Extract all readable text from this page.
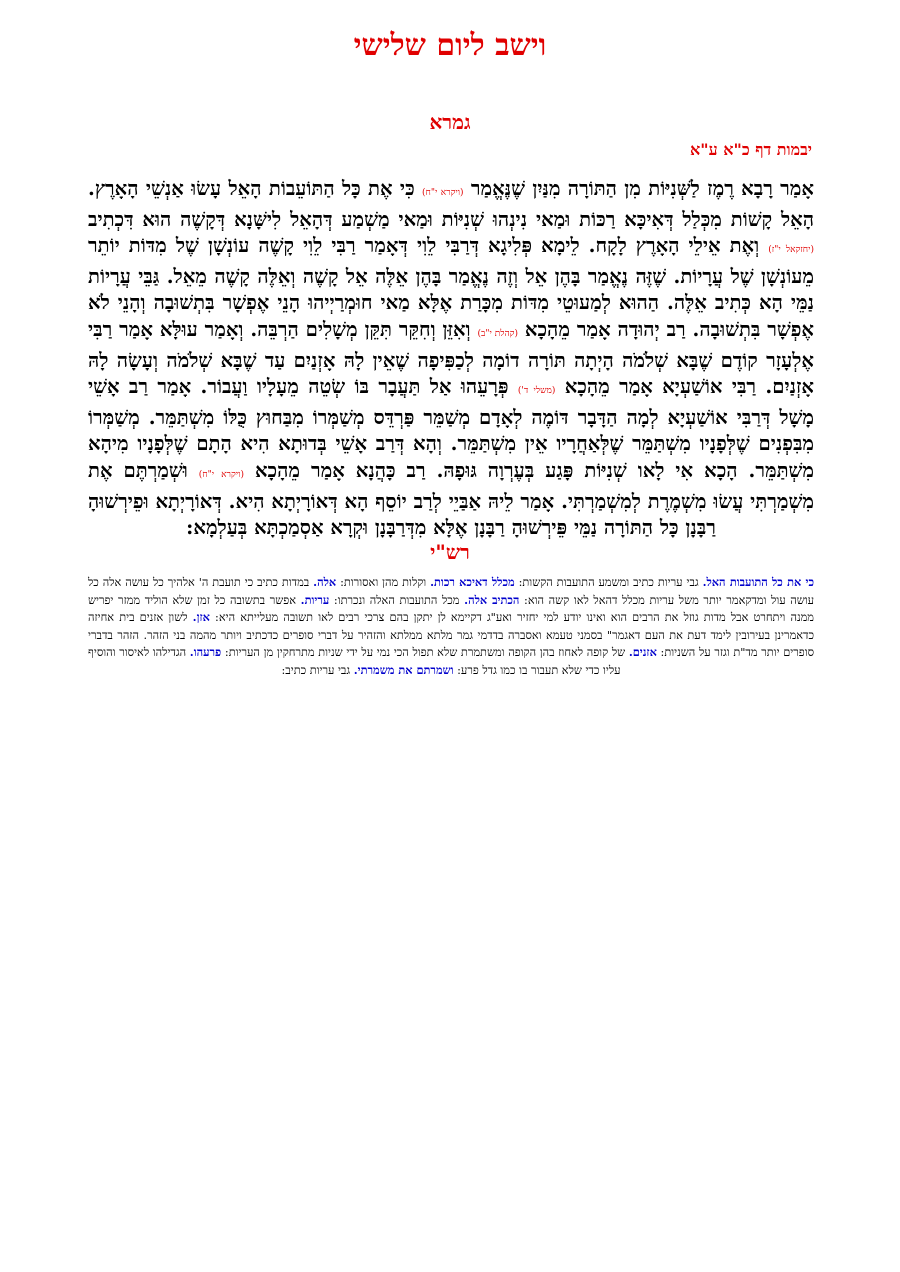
וישב ליום שלישי
גמרא
יבמות דף כ"א ע"א
אָמַר רָבָא רֶמֶז לַשְּׁנִיּוֹת מִן הַתּוֹרָה מִנַּיִן שֶׁנֶּאֱמַר (ויקרא י"ח) כִּי אֶת כָּל הַתּוֹעֵבוֹת הָאֵל עָשׂוּ אַנְשֵׁי הָאָרֶץ. הָאֵל קָשׁוֹת מִכְּלַל דְּאִיכָּא רַכּוֹת וּמַאי נִינְהוּ שְׁנִיּוֹת וּמַאי מַשְׁמַע דְּהָאֵל לִישָּׁנָא דְּקָשֶׁה הוּא דִּכְתִיב (יחזקאל י"ז) וְאֶת אֵילֵי הָאָרֶץ לָקָח. לֵימָא פְּלִיגָא דְּרַבִּי לֵוִי דְּאָמַר רַבִּי לֵוִי קָשֶׁה עוֹנְשָׁן שֶׁל מִדּוֹת יוֹתֵר מֵעוֹנְשָׁן שֶׁל עֲרָיוֹת. שֶׁזֶּה נֶאֱמַר בָּהֶן אֵל וְזֶה נֶאֱמַר בָּהֶן אֵלֶּה אֵל קָשֶׁה וְאֵלֶּה קָשֶׁה מֵאֵל. גַּבֵּי עֲרָיוֹת נַמֵּי הָא כְּתִיב אֵלֶּה. הַהוּא לְמַעוּטֵי מִדּוֹת מִכָּרַת אֶלָּא מַאי חוּמְרַיְיהוּ הָנֵי אֶפְשָׁר בִּתְשׁוּבָה וְהָנֵי לֹא אֶפְשָׁר בִּתְשׁוּבָה. רַב יְהוּדָה אָמַר מֵהָכָא (קהלת י"ב) וְאִזֵּן וְחִקֵּר תִּקֵּן מְשָׁלִים הַרְבֵּה. וְאָמַר עוּלָּא אָמַר רַבִּי אֶלְעָזָר קוֹדֶם שֶׁבָּא שְׁלֹמֹה הָיְתָה תּוֹרָה דוֹמָה לְכַפִּיפָה שֶׁאֵין לָהּ אָזְנַיִם עַד שֶׁבָּא שְׁלֹמֹה וְעָשָׂה לָהּ אָזְנַיִם. רַבִּי אוֹשַׁעְיָא אָמַר מֵהָכָא (משלי ד') פְּרָעֵהוּ אַל תַּעֲבָר בּוֹ שְׂטֵה מֵעָלָיו וַעֲבוֹר. אָמַר רַב אָשֵׁי מָשָׁל דְּרַבִּי אוֹשַׁעְיָא לְמָה הַדָּבָר דּוֹמֶה לְאָדָם מְשַׁמֵּר פַּרְדֵּס מְשַׁמְּרוֹ מִבַּחוּץ כֻּלּוֹ מִשְׁתַּמֵּר. מְשַׁמְּרוֹ מִבִּפְנִים שֶׁלְּפָנָיו מִשְׁתַּמֵּר שֶׁלְּאַחֲרָיו אֵין מִשְׁתַּמֵּר. וְהָא דְּרַב אָשֵׁי בְּדוּתָא הִיא הָתָם שֶׁלְּפָנָיו מִיהָא מִשְׁתַּמֵּר. הָכָא אִי לָאו שְׁנִיּוֹת פָּגַע בְּעֶרְוָה גּוּפָהּ. רַב כָּהֲנָא אָמַר מֵהָכָא (ויקרא י"ח) וּשְׁמַרְתֶּם אֶת מִשְׁמַרְתִּי עֲשׂוּ מִשְׁמֶרֶת לְמִשְׁמַרְתִּי. אָמַר לֵיהּ אַבַּיֵי לְרַב יוֹסֵף הָא דְּאוֹרָיְתָא הִיא. דְּאוֹרָיְתָא וּפֵירְשׁוּהָ רַבָּנָן כָּל הַתּוֹרָה נַמֵּי פֵּירְשׁוּהָ רַבָּנָן אֶלָּא מִדְּרַבָּנָן וּקְרָא אַסְמַכְתָּא בְּעַלְמָא:
רש"י
כי את כל התועבות האל. גבי עריות כתיב ומשמע התועבות הקשות: מכלל דאיכא רכות. וקלות מהן ואסורות: אלה. במדות כתיב כי תועבת ה' אלהיך כל עושה אלה כל עושה עול ומדקאמר יותר משל עריות מכלל דהאל לאו קשה הוא: הכתיב אלה. מכל התועבות האלה ונכרתו: עריות. אפשר בתשובה כל זמן שלא הוליד ממזר יפריש ממנה ויתחרט אבל מדות גוזל את הרבים הוא ואינו יודע למי יחזיר ואע"ג דקיימא לן יתקן בהם צרכי רבים לאו תשובה מעלייתא היא: אזן. לשון אזנים בית אחיזה כדאמרינן בעירובין לימד דעת את העם דאגמר" בסמני טעמא ואסברה בדדמי גמר מלתא ממלתא והזהיר על דברי סופרים כדכתיב ויותר מהמה בני הזהר. הזהר בדברי סופרים יותר מד"ת וגזר על השניות: אזנים. של קופה לאחוז בהן הקופה ומשתמרת שלא תפול הכי נמי על ידי שניות מתרחקין מן העריות: פרעהו. הגדילהו לאיסור והוסיף עליו כדי שלא תעבור בו כמו גדל פרע: ושמרתם את משמרתי. גבי עריות כתיב:
